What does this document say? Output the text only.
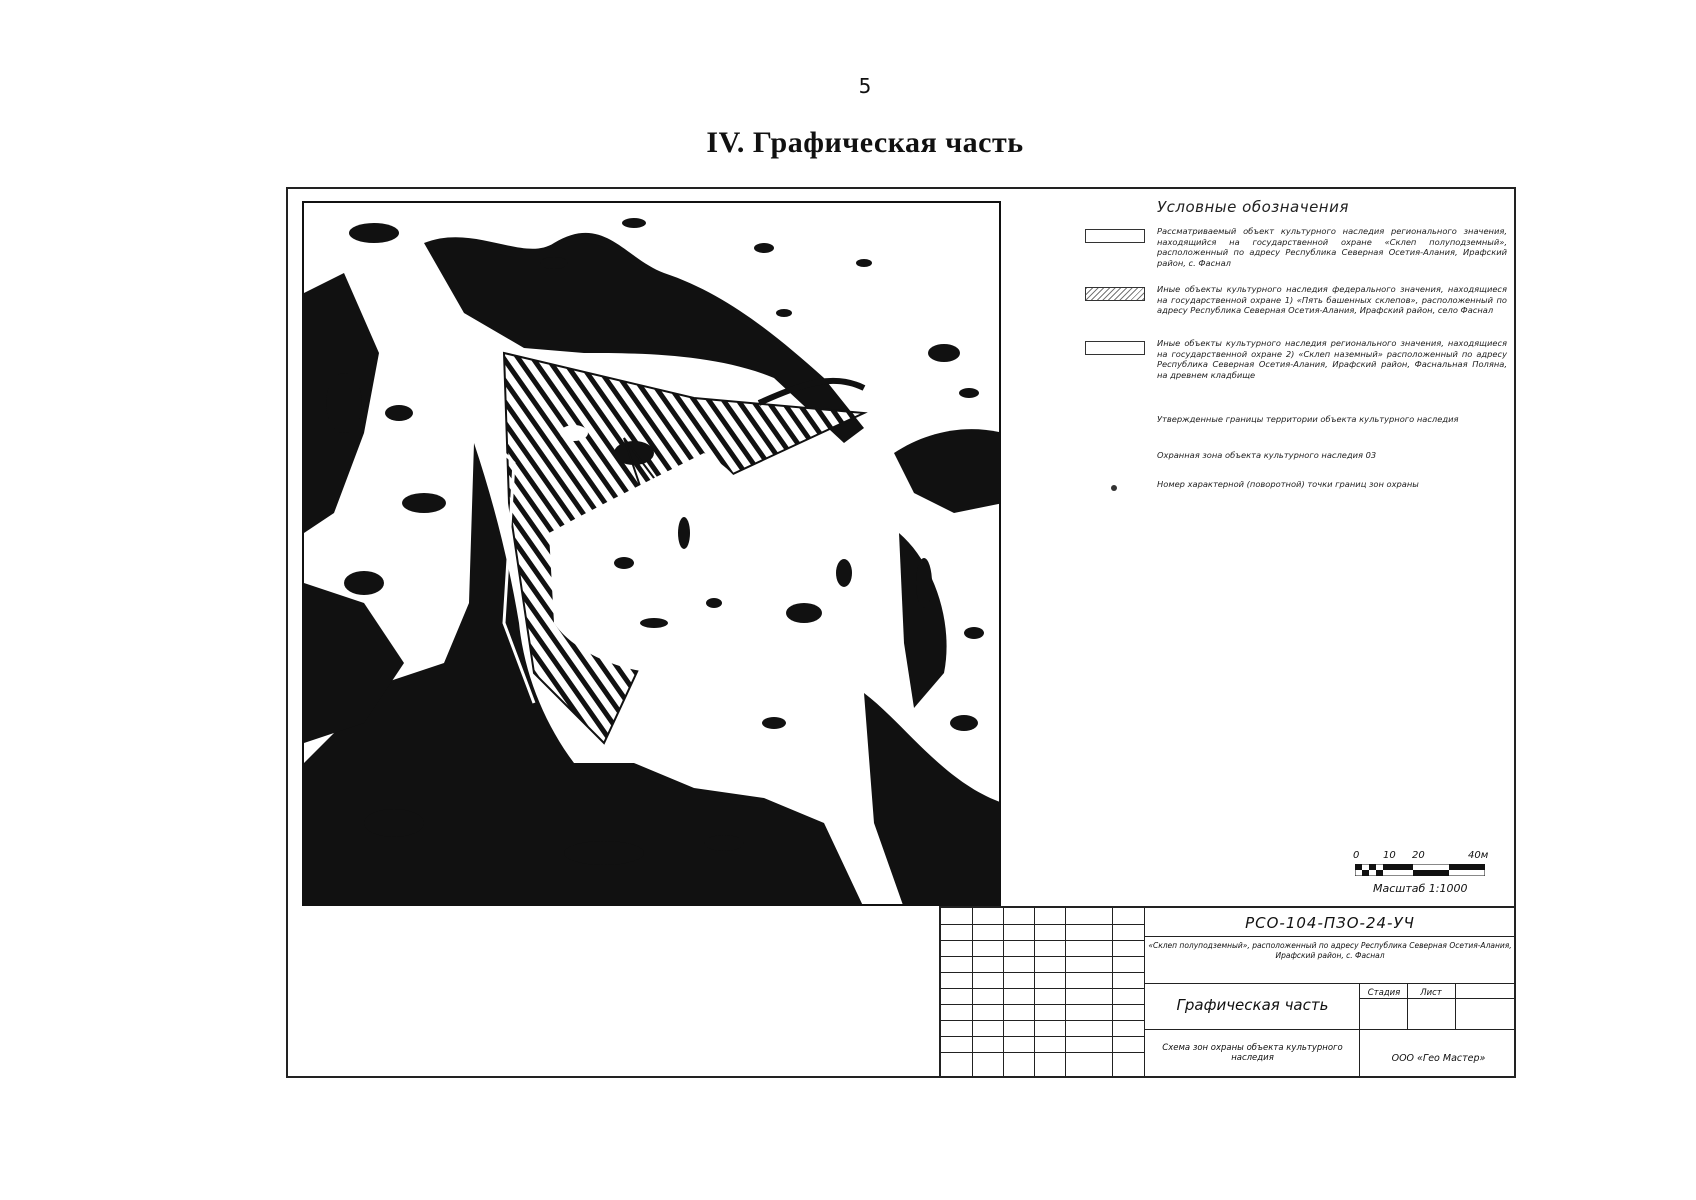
5
IV. Графическая часть
Условные обозначения
Рассматриваемый объект культурного наследия регионального значения, находящийся на государственной охране «Склеп полуподземный», расположенный по адресу Республика Северная Осетия-Алания, Ирафский район, с. Фаснал
Иные объекты культурного наследия федерального значения, находящиеся на государственной охране 1) «Пять башенных склепов», расположенный по адресу Республика Северная Осетия-Алания, Ирафский район, село Фаснал
Иные объекты культурного наследия регионального значения, находящиеся на государственной охране 2) «Склеп наземный» расположенный по адресу Республика Северная Осетия-Алания, Ирафский район, Фаснальная Поляна, на древнем кладбище
Утвержденные границы территории объекта культурного наследия
Охранная зона объекта культурного наследия 03
Номер характерной (поворотной) точки границ зон охраны
0 10 20	40м
Масштаб 1:1000
РСО-104-ПЗО-24-УЧ
«Склеп полуподземный», расположенный по адресу Республика Северная Осетия-Алания, Ирафский район, с. Фаснал
Графическая часть
Стадия	Лист
Схема зон охраны объекта культурного наследия	ООО «Гео Мастер»
